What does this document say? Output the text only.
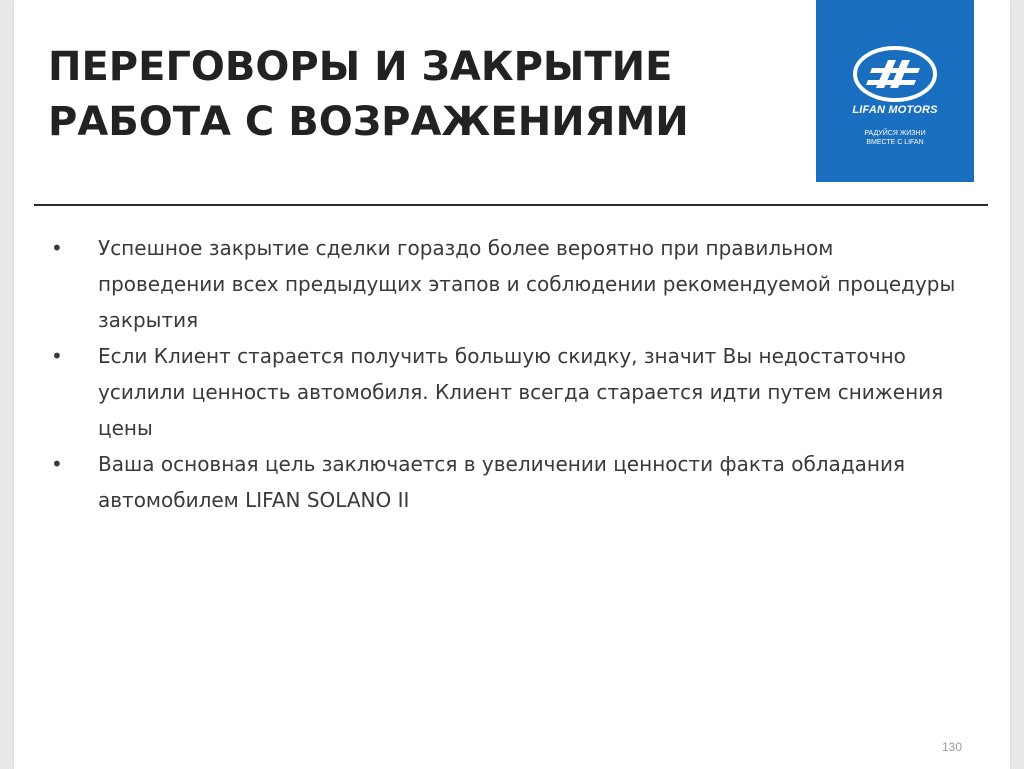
ПЕРЕГОВОРЫ И ЗАКРЫТИЕ
РАБОТА С ВОЗРАЖЕНИЯМИ	LIFAN MOTORS
РАДУЙСЯ ЖИЗНИ
ВМЕСТЕ С LIFAN
• Успешное закрытие сделки гораздо более вероятно при правильном проведении всех предыдущих этапов и соблюдении рекомендуемой процедуры закрытия
• Если Клиент старается получить большую скидку, значит Вы недостаточно усилили ценность автомобиля. Клиент всегда старается идти путем снижения цены
• Ваша основная цель заключается в увеличении ценности факта обладания автомобилем LIFAN SOLANO II
130
